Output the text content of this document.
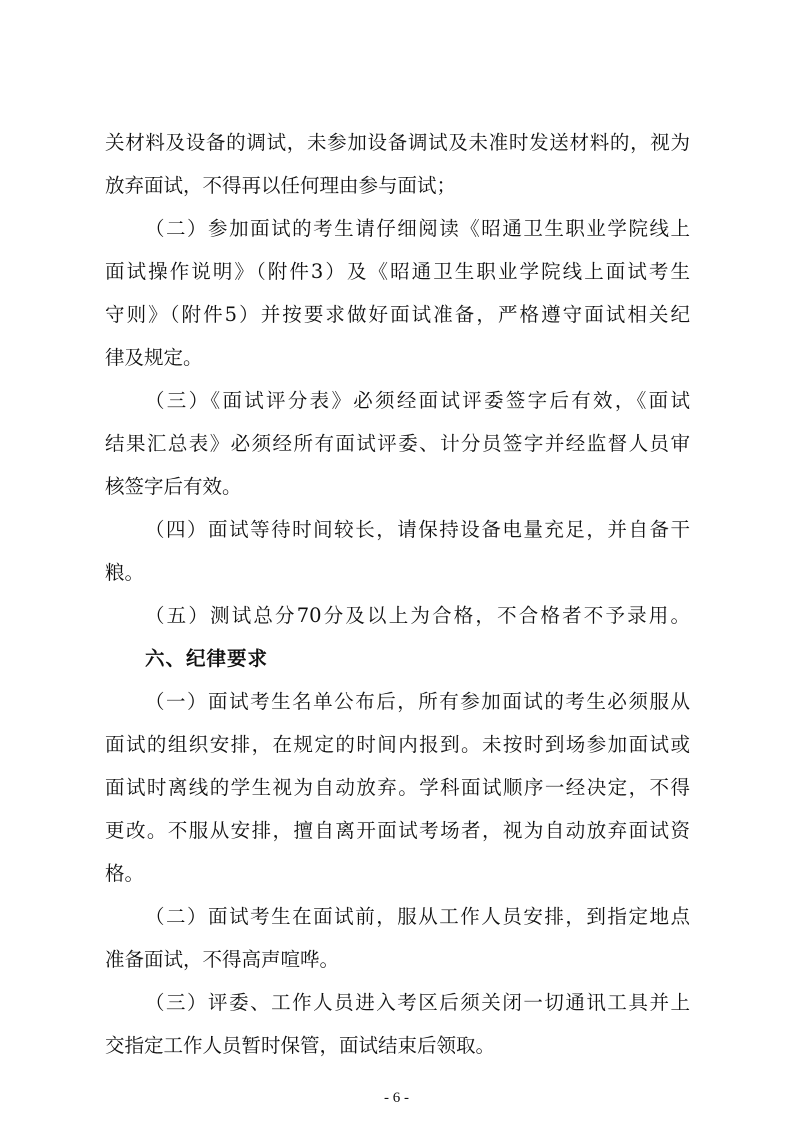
关材料及设备的调试，未参加设备调试及未准时发送材料的，视为
放弃面试，不得再以任何理由参与面试；
（二）参加面试的考生请仔细阅读《昭通卫生职业学院线上
面试操作说明》（附件3）及《昭通卫生职业学院线上面试考生
守则》（附件5）并按要求做好面试准备，严格遵守面试相关纪
律及规定。
（三）《面试评分表》必须经面试评委签字后有效，《面试
结果汇总表》必须经所有面试评委、计分员签字并经监督人员审
核签字后有效。
（四）面试等待时间较长，请保持设备电量充足，并自备干
粮。
（五）测试总分70分及以上为合格，不合格者不予录用。
六、纪律要求
（一）面试考生名单公布后，所有参加面试的考生必须服从
面试的组织安排，在规定的时间内报到。未按时到场参加面试或
面试时离线的学生视为自动放弃。学科面试顺序一经决定，不得
更改。不服从安排，擅自离开面试考场者，视为自动放弃面试资
格。
（二）面试考生在面试前，服从工作人员安排，到指定地点
准备面试，不得高声喧哗。
（三）评委、工作人员进入考区后须关闭一切通讯工具并上
交指定工作人员暂时保管，面试结束后领取。
- 6 -
